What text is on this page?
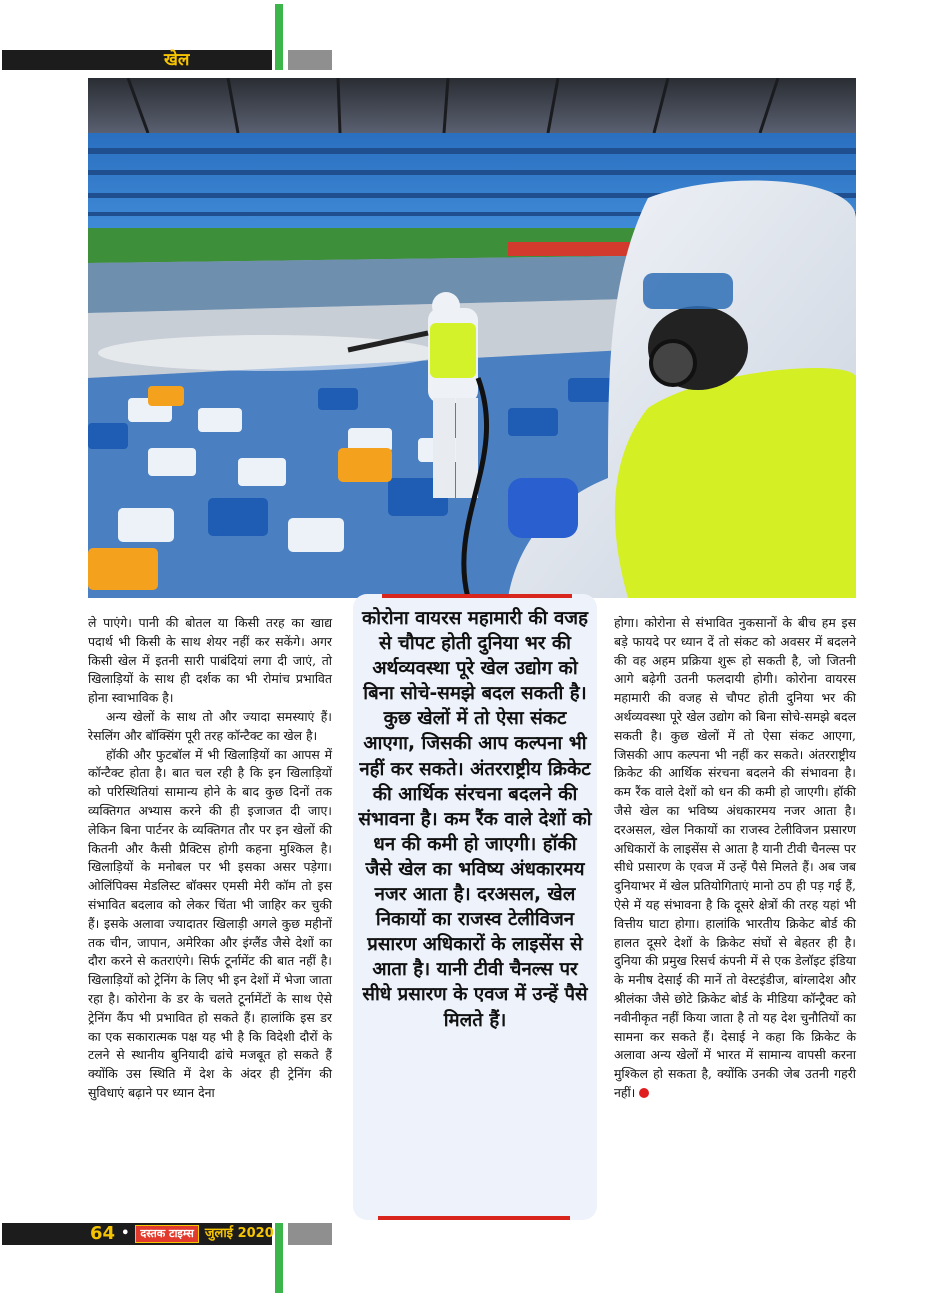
खेल

ले पाएंगे। पानी की बोतल या किसी तरह का खाद्य पदार्थ भी किसी के साथ शेयर नहीं कर सकेंगे। अगर किसी खेल में इतनी सारी पाबंदियां लगा दी जाएं, तो खिलाड़ियों के साथ ही दर्शक का भी रोमांच प्रभावित होना स्वाभाविक है।

अन्य खेलों के साथ तो और ज्यादा समस्याएं हैं। रेसलिंग और बॉक्सिंग पूरी तरह कॉन्टैक्ट का खेल है।

हॉकी और फुटबॉल में भी खिलाड़ियों का आपस में कॉन्टैक्ट होता है। बात चल रही है कि इन खिलाड़ियों को परिस्थितियां सामान्य होने के बाद कुछ दिनों तक व्यक्तिगत अभ्यास करने की ही इजाजत दी जाए। लेकिन बिना पार्टनर के व्यक्तिगत तौर पर इन खेलों की कितनी और कैसी प्रैक्टिस होगी कहना मुश्किल है। खिलाड़ियों के मनोबल पर भी इसका असर पड़ेगा। ओलिंपिक्स मेडलिस्ट बॉक्सर एमसी मेरी कॉम तो इस संभावित बदलाव को लेकर चिंता भी जाहिर कर चुकी हैं। इसके अलावा ज्यादातर खिलाड़ी अगले कुछ महीनों तक चीन, जापान, अमेरिका और इंग्लैंड जैसे देशों का दौरा करने से कतराएंगे। सिर्फ टूर्नामेंट की बात नहीं है। खिलाड़ियों को ट्रेनिंग के लिए भी इन देशों में भेजा जाता रहा है। कोरोना के डर के चलते टूर्नामेंटों के साथ ऐसे ट्रेनिंग कैंप भी प्रभावित हो सकते हैं। हालांकि इस डर का एक सकारात्मक पक्ष यह भी है कि विदेशी दौरों के टलने से स्थानीय बुनियादी ढांचे मजबूत हो सकते हैं क्योंकि उस स्थिति में देश के अंदर ही ट्रेनिंग की सुविधाएं बढ़ाने पर ध्यान देना

कोरोना वायरस महामारी की वजह से चौपट होती दुनिया भर की अर्थव्यवस्था पूरे खेल उद्योग को बिना सोचे-समझे बदल सकती है। कुछ खेलों में तो ऐसा संकट आएगा, जिसकी आप कल्पना भी नहीं कर सकते। अंतरराष्ट्रीय क्रिकेट की आर्थिक संरचना बदलने की संभावना है। कम रैंक वाले देशों को धन की कमी हो जाएगी। हॉकी जैसे खेल का भविष्य अंधकारमय नजर आता है। दरअसल, खेल निकायों का राजस्व टेलीविजन प्रसारण अधिकारों के लाइसेंस से आता है। यानी टीवी चैनल्स पर सीधे प्रसारण के एवज में उन्हें पैसे मिलते हैं।

होगा। कोरोना से संभावित नुकसानों के बीच हम इस बड़े फायदे पर ध्यान दें तो संकट को अवसर में बदलने की वह अहम प्रक्रिया शुरू हो सकती है, जो जितनी आगे बढ़ेगी उतनी फलदायी होगी। कोरोना वायरस महामारी की वजह से चौपट होती दुनिया भर की अर्थव्यवस्था पूरे खेल उद्योग को बिना सोचे-समझे बदल सकती है। कुछ खेलों में तो ऐसा संकट आएगा, जिसकी आप कल्पना भी नहीं कर सकते। अंतरराष्ट्रीय क्रिकेट की आर्थिक संरचना बदलने की संभावना है। कम रैंक वाले देशों को धन की कमी हो जाएगी। हॉकी जैसे खेल का भविष्य अंधकारमय नजर आता है। दरअसल, खेल निकायों का राजस्व टेलीविजन प्रसारण अधिकारों के लाइसेंस से आता है यानी टीवी चैनल्स पर सीधे प्रसारण के एवज में उन्हें पैसे मिलते हैं। अब जब दुनियाभर में खेल प्रतियोगिताएं मानो ठप ही पड़ गई हैं, ऐसे में यह संभावना है कि दूसरे क्षेत्रों की तरह यहां भी वित्तीय घाटा होगा। हालांकि भारतीय क्रिकेट बोर्ड की हालत दूसरे देशों के क्रिकेट संघों से बेहतर ही है। दुनिया की प्रमुख रिसर्च कंपनी में से एक डेलॉइट इंडिया के मनीष देसाई की मानें तो वेस्टइंडीज, बांग्लादेश और श्रीलंका जैसे छोटे क्रिकेट बोर्ड के मीडिया कॉन्ट्रैक्ट को नवीनीकृत नहीं किया जाता है तो यह देश चुनौतियों का सामना कर सकते हैं। देसाई ने कहा कि क्रिकेट के अलावा अन्य खेलों में भारत में सामान्य वापसी करना मुश्किल हो सकता है, क्योंकि उनकी जेब उतनी गहरी नहीं।

64 •	दस्तक टाइम्स जुलाई 2020
